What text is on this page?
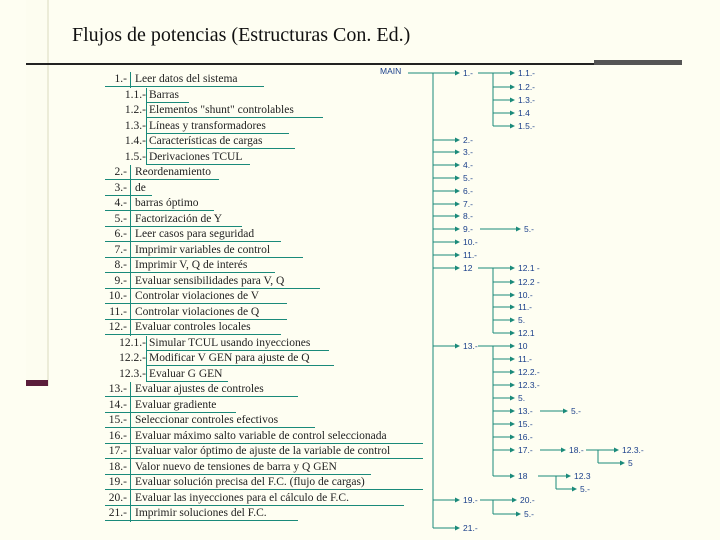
Flujos de potencias (Estructuras Con. Ed.)
1.- Leer datos del sistema
1.1.- Barras
1.2.- Elementos "shunt" controlables
1.3.- Líneas y transformadores
1.4.- Características de cargas
1.5.- Derivaciones TCUL
2.- Reordenamiento
3.- de
4.- barras óptimo
5.- Factorización de Y
6.- Leer casos para seguridad
7.- Imprimir variables de control
8.- Imprimir V, Q de interés
9.- Evaluar sensibilidades para V, Q
10.- Controlar violaciones de V
11.- Controlar violaciones de Q
12.- Evaluar controles locales
12.1.- Simular TCUL usando inyecciones
12.2.- Modificar V GEN para ajuste de Q
12.3.- Evaluar G GEN
13.- Evaluar ajustes de controles
14.- Evaluar gradiente
15.- Seleccionar controles efectivos
16.- Evaluar máximo salto variable de control seleccionada
17.- Evaluar valor óptimo de ajuste de la variable de control
18.- Valor nuevo de tensiones de barra y Q GEN
19.- Evaluar solución precisa del F.C. (flujo de cargas)
20.- Evaluar las inyecciones para el cálculo de F.C.
21.- Imprimir soluciones del F.C.
MAIN	1.-
2.-
3.-
4.-
5.-
6.-
7.-
8.-
9.-
10.-
11.-
12
13.-
19.-
21.-
1.1.-
1.2.-
1.3.-
1.4
1.5.-
5.-
12.1 -
12.2 -
10.-
11.-
5.
12.1
10
11.-
12.2.-
12.3.-
5.
13.-
15.-
16.-
17.-
18
5.-
18.-	12.3.-
5
12.3
5.-
20.-
5.-
